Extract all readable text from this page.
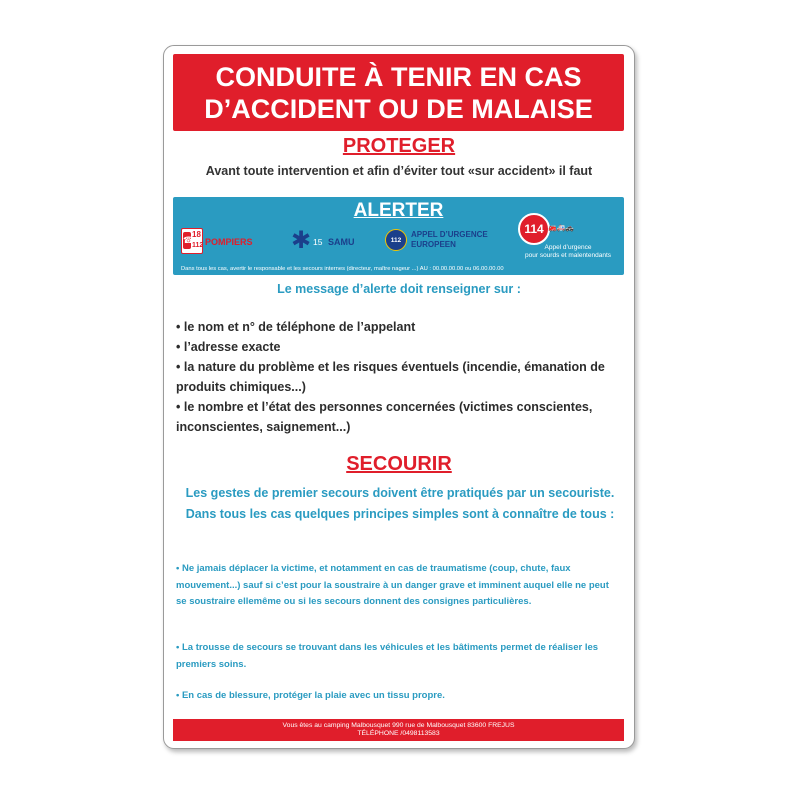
CONDUITE À TENIR EN CAS
D’ACCIDENT OU DE MALAISE
PROTEGER
Avant toute intervention et afin d’éviter tout «sur accident» il faut
ALERTER
☎
18
112 POMPIERS ✱ 15 SAMU	112
APPEL D’URGENCE
EUROPEEN
114 🚒🚑🚓
Appel d’urgence
pour sourds et malentendants
Dans tous les cas, avertir le responsable et les secours internes (directeur, maître nageur ...) AU : 00.00.00.00 ou 06.00.00.00
Le message d’alerte doit renseigner sur :
• le nom et n° de téléphone de l’appelant
• l’adresse exacte
• la nature du problème et les risques éventuels (incendie, émanation de produits chimiques...)
• le nombre et l’état des personnes concernées (victimes conscientes, inconscientes, saignement...)
SECOURIR
Les gestes de premier secours doivent être pratiqués par un secouriste. Dans tous les cas quelques principes simples sont à connaître de tous :

• Ne jamais déplacer la victime, et notamment en cas de traumatisme (coup, chute, faux mouvement...) sauf si c’est pour la soustraire à un danger grave et imminent auquel elle ne peut se soustraire ellemême ou si les secours donnent des consignes particulières.

• La trousse de secours se trouvant dans les véhicules et les bâtiments permet de réaliser les premiers soins.

• En cas de blessure, protéger la plaie avec un tissu propre.

Vous êtes au camping Malbousquet 990 rue de Malbousquet 83600 FREJUS
TÉLÉPHONE /0498113583
